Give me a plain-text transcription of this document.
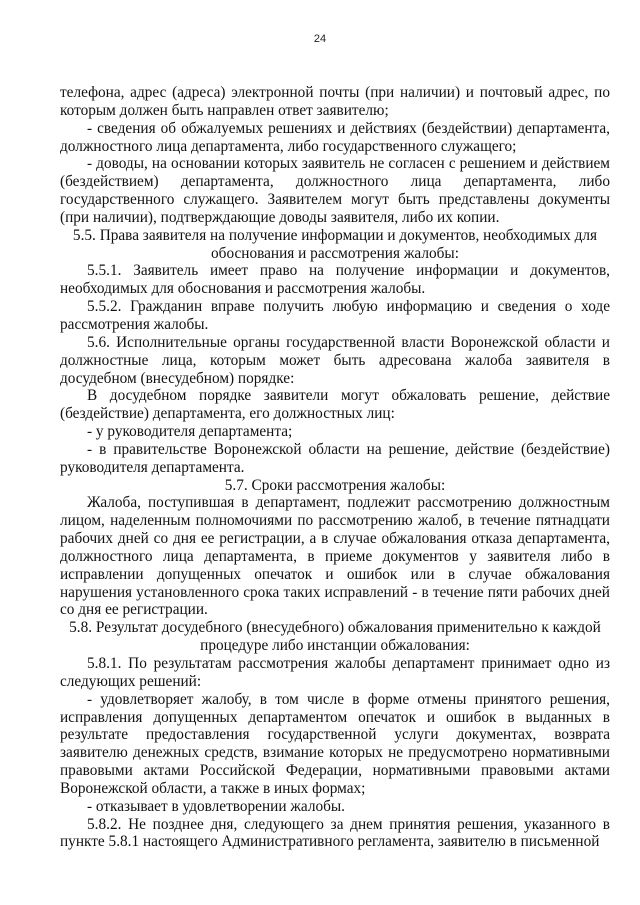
24

телефона, адрес (адреса) электронной почты (при наличии) и почтовый адрес, по которым должен быть направлен ответ заявителю;

- сведения об обжалуемых решениях и действиях (бездействии) департамента, должностного лица департамента, либо государственного служащего;

- доводы, на основании которых заявитель не согласен с решением и действием (бездействием) департамента, должностного лица департамента, либо государственного служащего. Заявителем могут быть представлены документы (при наличии), подтверждающие доводы заявителя, либо их копии.

5.5. Права заявителя на получение информации и документов, необходимых для обоснования и рассмотрения жалобы:

5.5.1. Заявитель имеет право на получение информации и документов, необходимых для обоснования и рассмотрения жалобы.

5.5.2. Гражданин вправе получить любую информацию и сведения о ходе рассмотрения жалобы.

5.6. Исполнительные органы государственной власти Воронежской области и должностные лица, которым может быть адресована жалоба заявителя в досудебном (внесудебном) порядке:

В досудебном порядке заявители могут обжаловать решение, действие (бездействие) департамента, его должностных лиц:

- у руководителя департамента;

- в правительстве Воронежской области на решение, действие (бездействие) руководителя департамента.

5.7. Сроки рассмотрения жалобы:

Жалоба, поступившая в департамент, подлежит рассмотрению должностным лицом, наделенным полномочиями по рассмотрению жалоб, в течение пятнадцати рабочих дней со дня ее регистрации, а в случае обжалования отказа департамента, должностного лица департамента, в приеме документов у заявителя либо в исправлении допущенных опечаток и ошибок или в случае обжалования нарушения установленного срока таких исправлений - в течение пяти рабочих дней со дня ее регистрации.

5.8. Результат досудебного (внесудебного) обжалования применительно к каждой процедуре либо инстанции обжалования:

5.8.1. По результатам рассмотрения жалобы департамент принимает одно из следующих решений:

- удовлетворяет жалобу, в том числе в форме отмены принятого решения, исправления допущенных департаментом опечаток и ошибок в выданных в результате предоставления государственной услуги документах, возврата заявителю денежных средств, взимание которых не предусмотрено нормативными правовыми актами Российской Федерации, нормативными правовыми актами Воронежской области, а также в иных формах;

- отказывает в удовлетворении жалобы.

5.8.2. Не позднее дня, следующего за днем принятия решения, указанного в пункте 5.8.1 настоящего Административного регламента, заявителю в письменной
